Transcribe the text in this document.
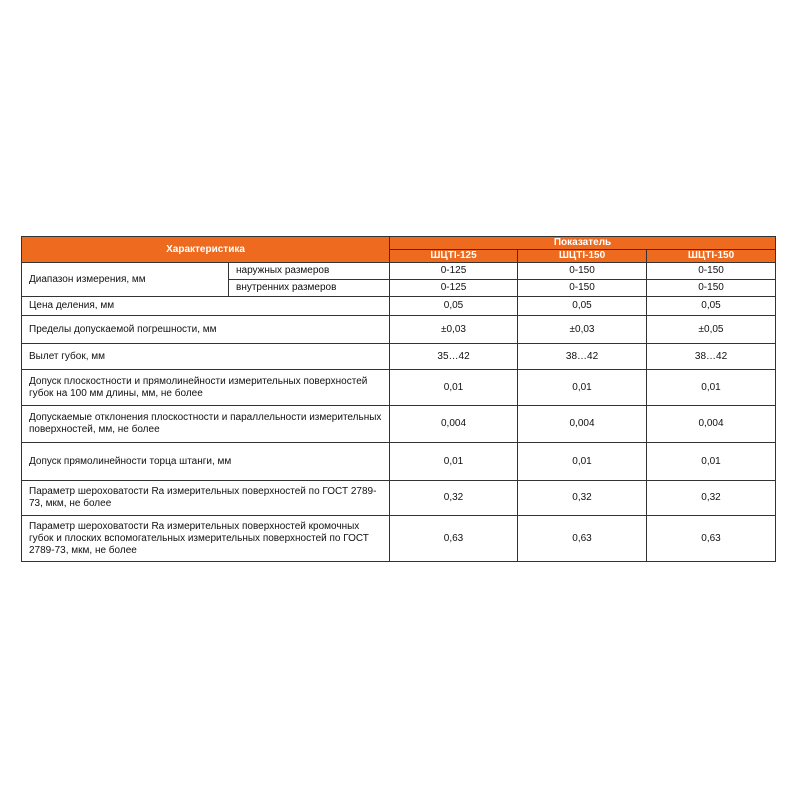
Характеристика		Показатель		
		ШЦТI-125	ШЦТI-150	ШЦТI-150
Диапазон измерения, мм	наружных размеров	0-125	0-150	0-150
	внутренних размеров	0-125	0-150	0-150
Цена деления, мм		0,05	0,05	0,05
Пределы допускаемой погрешности, мм		±0,03	±0,03	±0,05
Вылет губок, мм		35…42	38…42	38…42
Допуск плоскостности и прямолинейности измерительных поверхностей губок на 100 мм длины, мм, не более		0,01	0,01	0,01
Допускаемые отклонения плоскостности и параллельности измерительных поверхностей, мм, не более		0,004	0,004	0,004
Допуск прямолинейности торца штанги, мм		0,01	0,01	0,01
Параметр шероховатости Ra измерительных поверхностей по ГОСТ 2789-73, мкм, не более		0,32	0,32	0,32
Параметр шероховатости Ra измерительных поверхностей кромочных губок и плоских вспомогательных измерительных поверхностей по ГОСТ 2789-73, мкм, не более		0,63	0,63	0,63
